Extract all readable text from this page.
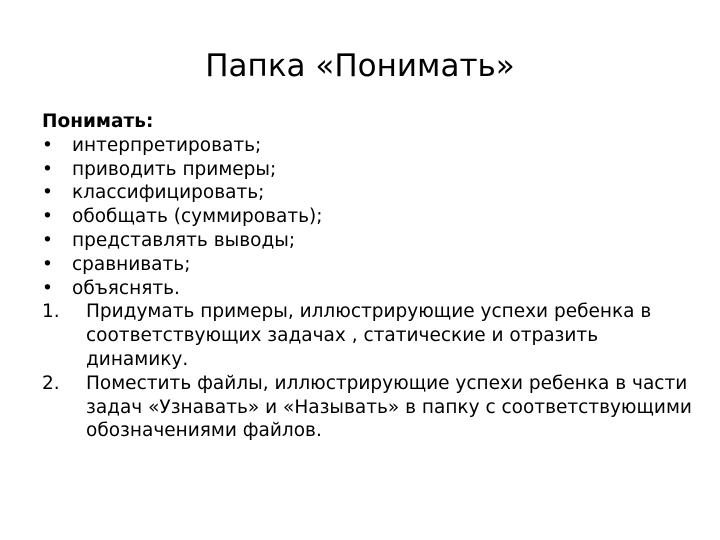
Папка «Понимать»

Понимать:

• интерпретировать;
• приводить примеры;
• классифицировать;
• обобщать (суммировать);
• представлять выводы;
• сравнивать;
• объяснять.
1. Придумать примеры, иллюстрирующие успехи ребенка в соответствующих задачах , статические и отразить динамику.
2. Поместить файлы, иллюстрирующие успехи ребенка в части задач «Узнавать» и «Называть» в папку с соответствующими обозначениями файлов.
